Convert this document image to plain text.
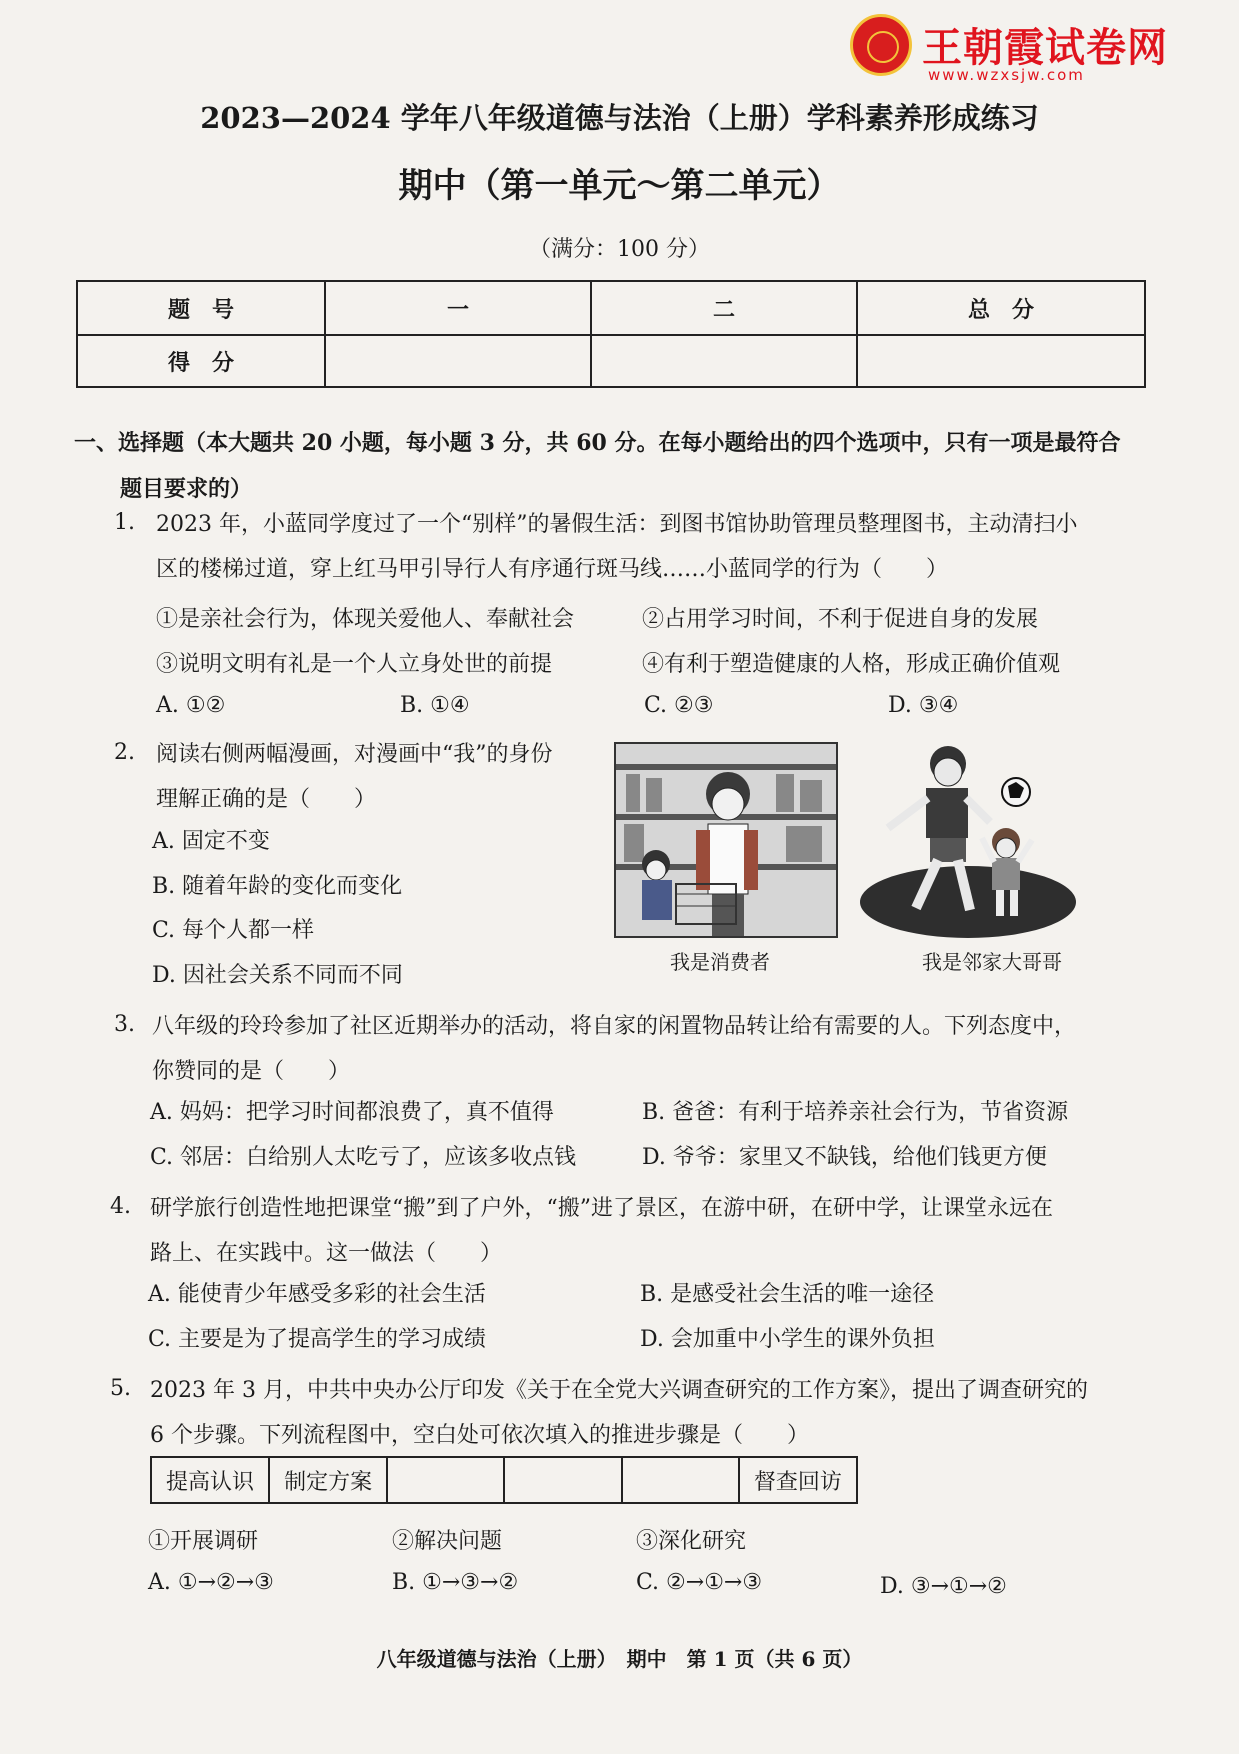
王朝霞试卷网
www.wzxsjw.com
2023—2024 学年八年级道德与法治（上册）学科素养形成练习
期中（第一单元～第二单元）
（满分：100 分）
题　号	一	二	总　分
得　分			
一、选择题（本大题共 20 小题，每小题 3 分，共 60 分。在每小题给出的四个选项中，只有一项是最符合
题目要求的）
1. 2023 年，小蓝同学度过了一个“别样”的暑假生活：到图书馆协助管理员整理图书，主动清扫小
区的楼梯过道，穿上红马甲引导行人有序通行斑马线……小蓝同学的行为（　　）
①是亲社会行为，体现关爱他人、奉献社会	②占用学习时间，不利于促进自身的发展
③说明文明有礼是一个人立身处世的前提	④有利于塑造健康的人格，形成正确价值观
A. ①②	B. ①④	C. ②③	D. ③④
2. 阅读右侧两幅漫画，对漫画中“我”的身份
理解正确的是（　　）
A. 固定不变
B. 随着年龄的变化而变化
C. 每个人都一样
D. 因社会关系不同而不同
我是消费者	我是邻家大哥哥
3. 八年级的玲玲参加了社区近期举办的活动，将自家的闲置物品转让给有需要的人。下列态度中，
你赞同的是（　　）
A. 妈妈：把学习时间都浪费了，真不值得	B. 爸爸：有利于培养亲社会行为，节省资源
C. 邻居：白给别人太吃亏了，应该多收点钱	D. 爷爷：家里又不缺钱，给他们钱更方便
4. 研学旅行创造性地把课堂“搬”到了户外，“搬”进了景区，在游中研，在研中学，让课堂永远在
路上、在实践中。这一做法（　　）
A. 能使青少年感受多彩的社会生活	B. 是感受社会生活的唯一途径
C. 主要是为了提高学生的学习成绩	D. 会加重中小学生的课外负担
5. 2023 年 3 月，中共中央办公厅印发《关于在全党大兴调查研究的工作方案》，提出了调查研究的
6 个步骤。下列流程图中，空白处可依次填入的推进步骤是（　　）
提高认识	制定方案				督查回访
①开展调研	②解决问题	③深化研究
A. ①→②→③	B. ①→③→②	C. ②→①→③	D. ③→①→②
八年级道德与法治（上册）　期中　第 1 页（共 6 页）
